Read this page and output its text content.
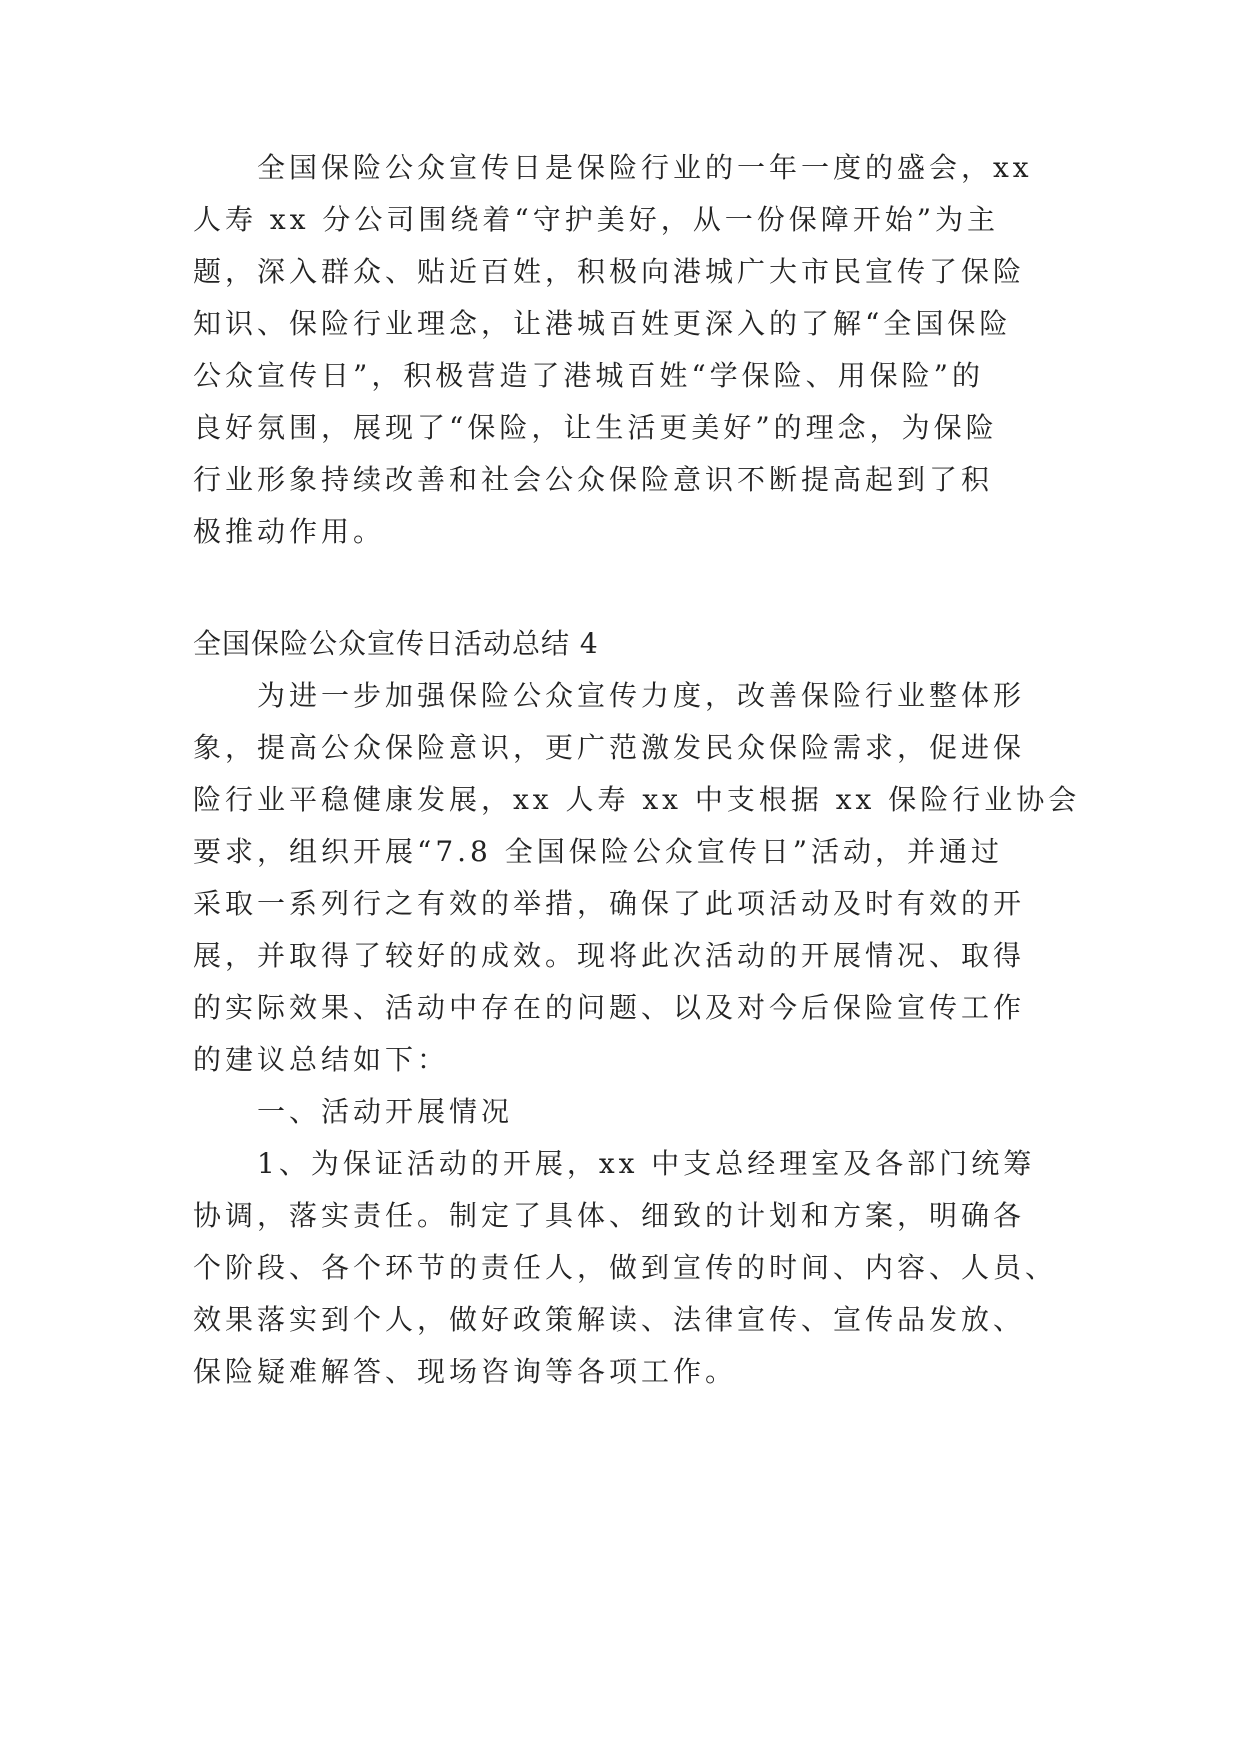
全国保险公众宣传日是保险行业的一年一度的盛会，xx
人寿 xx 分公司围绕着“守护美好，从一份保障开始”为主
题，深入群众、贴近百姓，积极向港城广大市民宣传了保险
知识、保险行业理念，让港城百姓更深入的了解“全国保险
公众宣传日”，积极营造了港城百姓“学保险、用保险”的
良好氛围，展现了“保险，让生活更美好”的理念，为保险
行业形象持续改善和社会公众保险意识不断提高起到了积
极推动作用。
全国保险公众宣传日活动总结 4
为进一步加强保险公众宣传力度，改善保险行业整体形
象，提高公众保险意识，更广范激发民众保险需求，促进保
险行业平稳健康发展，xx 人寿 xx 中支根据 xx 保险行业协会
要求，组织开展“7.8 全国保险公众宣传日”活动，并通过
采取一系列行之有效的举措，确保了此项活动及时有效的开
展，并取得了较好的成效。现将此次活动的开展情况、取得
的实际效果、活动中存在的问题、以及对今后保险宣传工作
的建议总结如下：
一、活动开展情况
1、为保证活动的开展，xx 中支总经理室及各部门统筹
协调，落实责任。制定了具体、细致的计划和方案，明确各
个阶段、各个环节的责任人，做到宣传的时间、内容、人员、
效果落实到个人，做好政策解读、法律宣传、宣传品发放、
保险疑难解答、现场咨询等各项工作。
